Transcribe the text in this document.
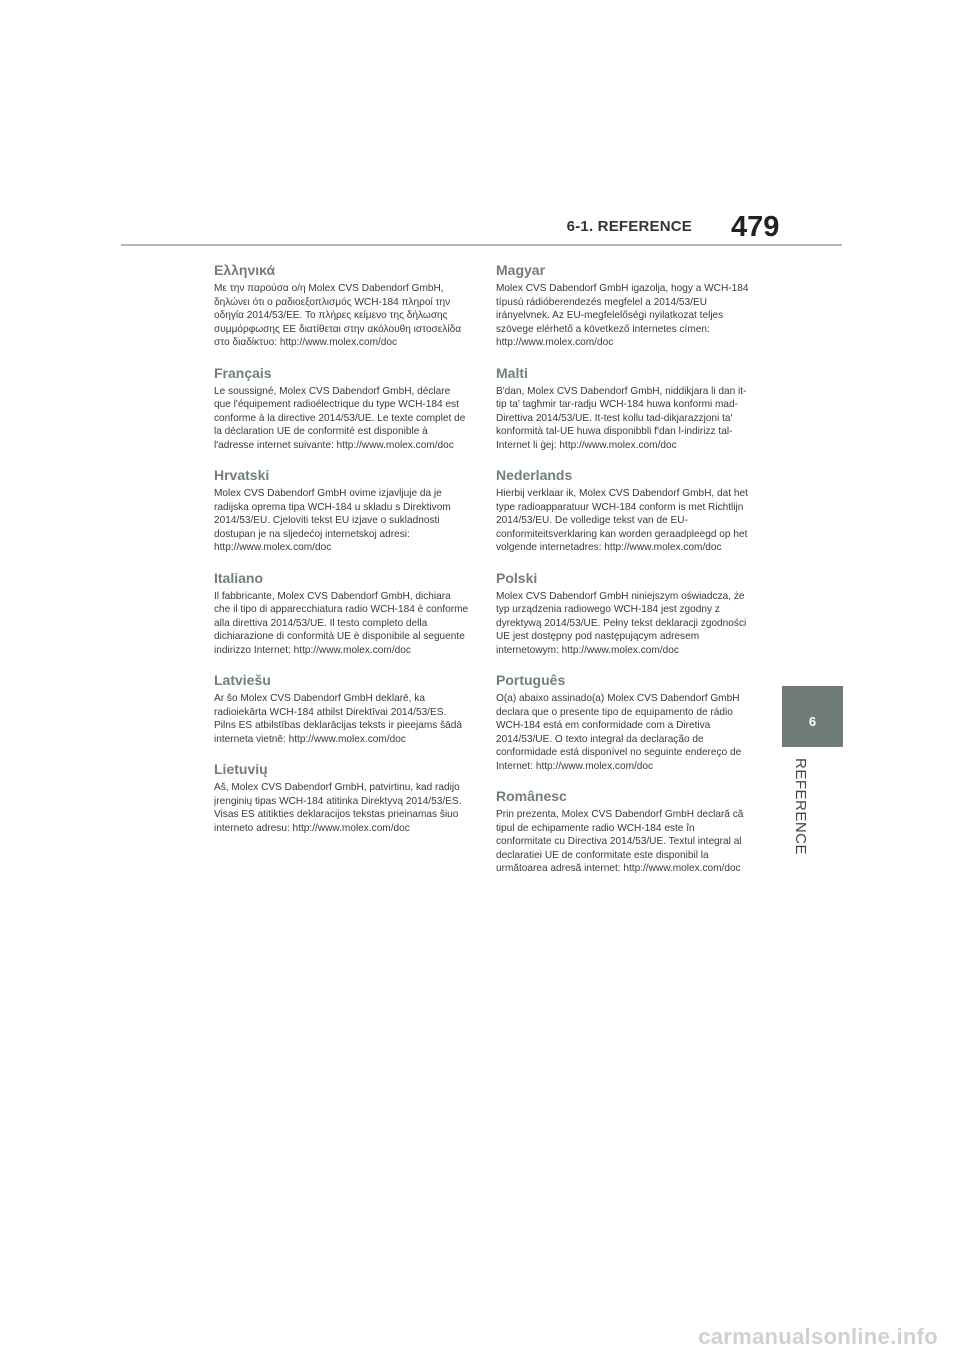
6-1. REFERENCE 479
6
REFERENCE
Ελληνικά

Με την παρούσα ο/η Molex CVS Dabendorf GmbH, δηλώνει ότι ο ραδιοεξοπλισμός WCH-184 πληροί την οδηγία 2014/53/ΕΕ. Το πλήρες κείμενο της δήλωσης συμμόρφωσης ΕΕ διατίθεται στην ακόλουθη ιστοσελίδα στο διαδίκτυο: http://www.molex.com/doc

Français

Le soussigné, Molex CVS Dabendorf GmbH, déclare que l'équipement radioélectrique du type WCH-184 est conforme à la directive 2014/53/UE. Le texte complet de la déclaration UE de conformité est disponible à l'adresse internet suivante: http://www.molex.com/doc

Hrvatski

Molex CVS Dabendorf GmbH ovime izjavljuje da je radijska oprema tipa WCH-184 u skladu s Direktivom 2014/53/EU. Cjeloviti tekst EU izjave o sukladnosti dostupan je na sljedećoj internetskoj adresi: http://www.molex.com/doc

Italiano

Il fabbricante, Molex CVS Dabendorf GmbH, dichiara che il tipo di apparecchiatura radio WCH-184 è conforme alla direttiva 2014/53/UE. Il testo completo della dichiarazione di conformità UE è disponibile al seguente indirizzo Internet: http://www.molex.com/doc

Latviešu

Ar šo Molex CVS Dabendorf GmbH deklarē, ka radioiekārta WCH-184 atbilst Direktīvai 2014/53/ES. Pilns ES atbilstības deklarācijas teksts ir pieejams šādā interneta vietnē: http://www.molex.com/doc

Lietuvių

Aš, Molex CVS Dabendorf GmbH, patvirtinu, kad radijo įrenginių tipas WCH-184 atitinka Direktyvą 2014/53/ES. Visas ES atitikties deklaracijos tekstas prieinamas šiuo interneto adresu: http://www.molex.com/doc

Magyar

Molex CVS Dabendorf GmbH igazolja, hogy a WCH-184 típusú rádióberendezés megfelel a 2014/53/EU irányelvnek. Az EU-megfelelőségi nyilatkozat teljes szövege elérhető a következő internetes címen: http://www.molex.com/doc

Malti

B'dan, Molex CVS Dabendorf GmbH, niddikjara li dan it-tip ta' tagħmir tar-radju WCH-184 huwa konformi mad-Direttiva 2014/53/UE. It-test kollu tad-dikjarazzjoni ta' konformità tal-UE huwa disponibbli f'dan l-indirizz tal-Internet li ġej: http://www.molex.com/doc

Nederlands

Hierbij verklaar ik, Molex CVS Dabendorf GmbH, dat het type radioapparatuur WCH-184 conform is met Richtlijn 2014/53/EU. De volledige tekst van de EU-conformiteitsverklaring kan worden geraadpleegd op het volgende internetadres: http://www.molex.com/doc

Polski

Molex CVS Dabendorf GmbH niniejszym oświadcza, że typ urządzenia radiowego WCH-184 jest zgodny z dyrektywą 2014/53/UE. Pełny tekst deklaracji zgodności UE jest dostępny pod następującym adresem internetowym: http://www.molex.com/doc

Português

O(a) abaixo assinado(a) Molex CVS Dabendorf GmbH declara que o presente tipo de equipamento de rádio WCH-184 está em conformidade com a Diretiva 2014/53/UE. O texto integral da declaração de conformidade está disponível no seguinte endereço de Internet: http://www.molex.com/doc

Românesc

Prin prezenta, Molex CVS Dabendorf GmbH declară că tipul de echipamente radio WCH-184 este în conformitate cu Directiva 2014/53/UE. Textul integral al declaratiei UE de conformitate este disponibil la următoarea adresă internet: http://www.molex.com/doc

carmanualsonline.info
